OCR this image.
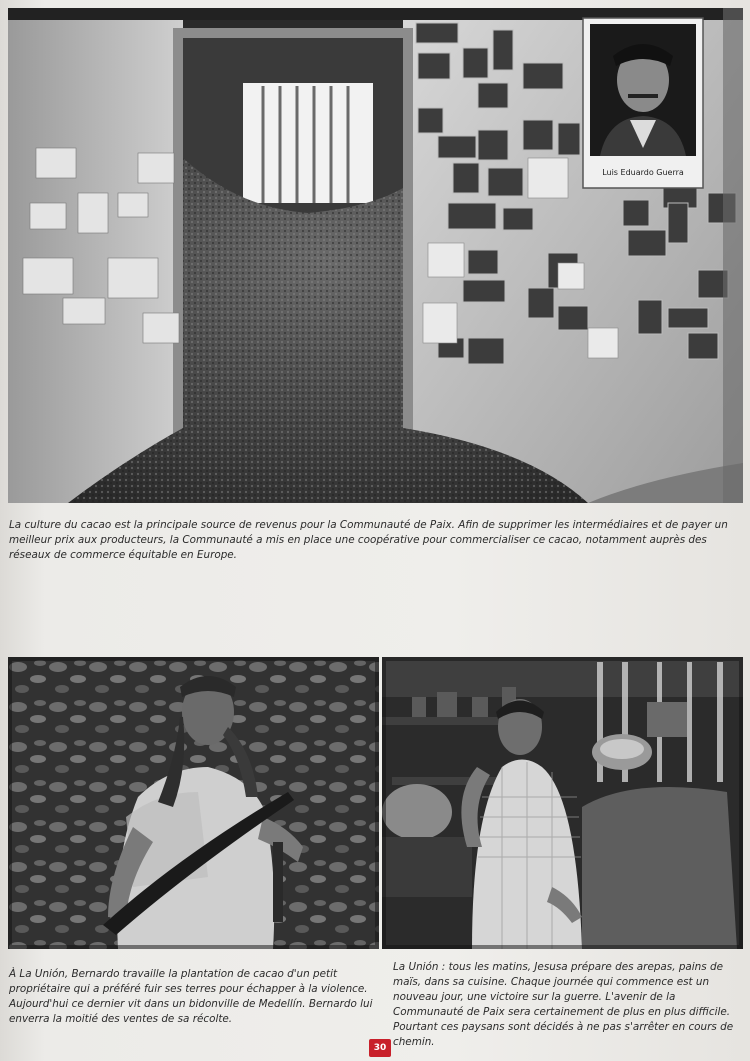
Luis Eduardo Guerra

La culture du cacao est la principale source de revenus pour la Communauté de Paix. Afin de supprimer les intermédiaires et de payer un meilleur prix aux producteurs, la Communauté a mis en place une coopérative pour commercialiser ce cacao, notamment auprès des réseaux de commerce équitable en Europe.

À La Unión, Bernardo travaille la plantation de cacao d'un petit propriétaire qui a préféré fuir ses terres pour échapper à la violence. Aujourd'hui ce dernier vit dans un bidonville de Medellín. Bernardo lui enverra la moitié des ventes de sa récolte.

La Unión : tous les matins, Jesusa prépare des arepas, pains de maïs, dans sa cuisine. Chaque journée qui commence est un nouveau jour, une victoire sur la guerre. L'avenir de la Communauté de Paix sera certainement de plus en plus difficile. Pourtant ces paysans sont décidés à ne pas s'arrêter en cours de chemin.

30
